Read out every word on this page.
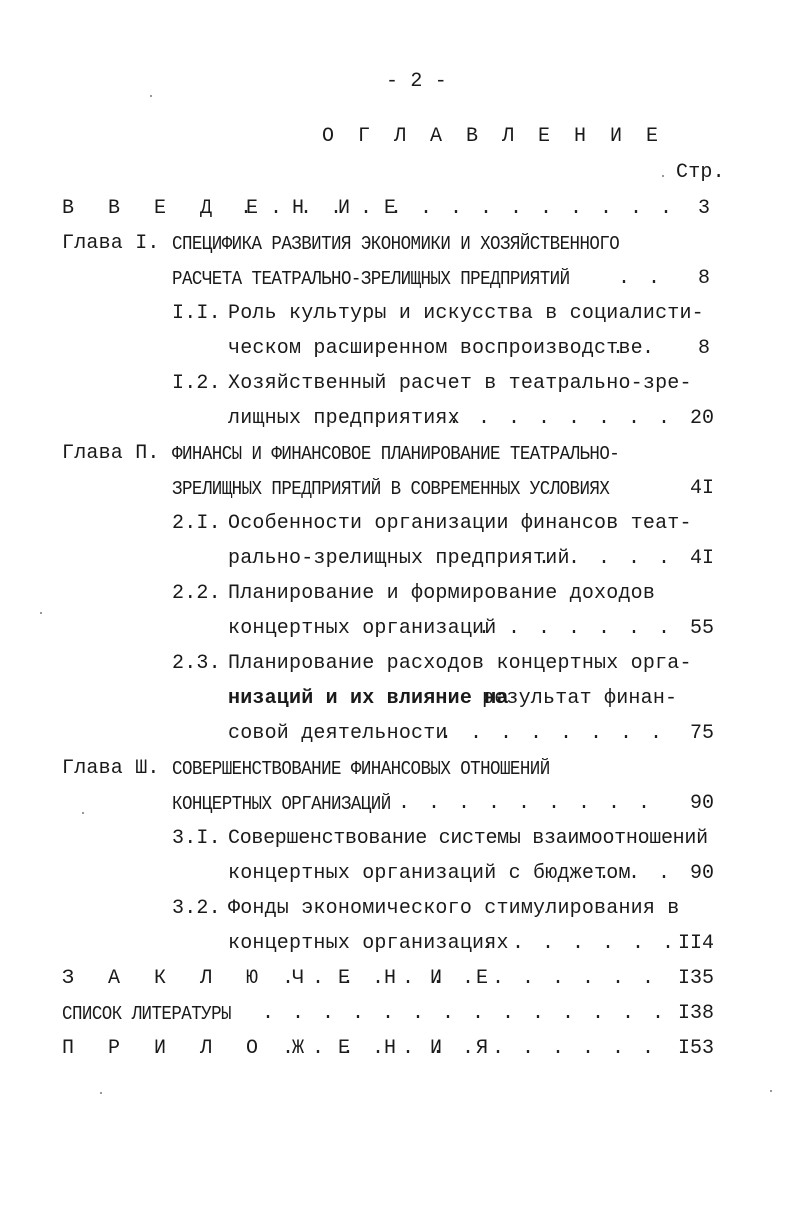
- 2 -
О Г Л А В Л Е Н И Е
Стр.
В В Е Д Е Н И Е . . .	3
Глава I. СПЕЦИФИКА РАЗВИТИЯ ЭКОНОМИКИ И ХОЗЯЙСТВЕННОГО
РАСЧЕТА ТЕАТРАЛЬНО-ЗРЕЛИЩНЫХ ПРЕДПРИЯТИЙ . . .	8
I.I. Роль культуры и искусства в социалисти-
ческом расширенном воспроизводстве . . .	8
I.2. Хозяйственный расчет в театрально-зре-
лищных предприятиях . . .	20
Глава П. ФИНАНСЫ И ФИНАНСОВОЕ ПЛАНИРОВАНИЕ ТЕАТРАЛЬНО-
ЗРЕЛИЩНЫХ ПРЕДПРИЯТИЙ В СОВРЕМЕННЫХ УСЛОВИЯХ	4I
2.I. Особенности организации финансов теат-
рально-зрелищных предприятий . . .	4I
2.2. Планирование и формирование доходов
концертных организаций . . .	55
2.3. Планирование расходов концертных орга-
низаций и их влияние на
результат финан-
совой деятельности . . .	75
Глава Ш. СОВЕРШЕНСТВОВАНИЕ ФИНАНСОВЫХ ОТНОШЕНИЙ
КОНЦЕРТНЫХ ОРГАНИЗАЦИЙ . . .	90
3.I. Совершенствование системы взаимоотношений
концертных организаций с бюджетом . . .	90
3.2. Фонды экономического стимулирования в
концертных организациях . . .	II4
З А К Л Ю Ч Е Н И Е . . .	I35
СПИСОК ЛИТЕРАТУРЫ . . .	I38
П Р И Л О Ж Е Н И Я . . .	I53
